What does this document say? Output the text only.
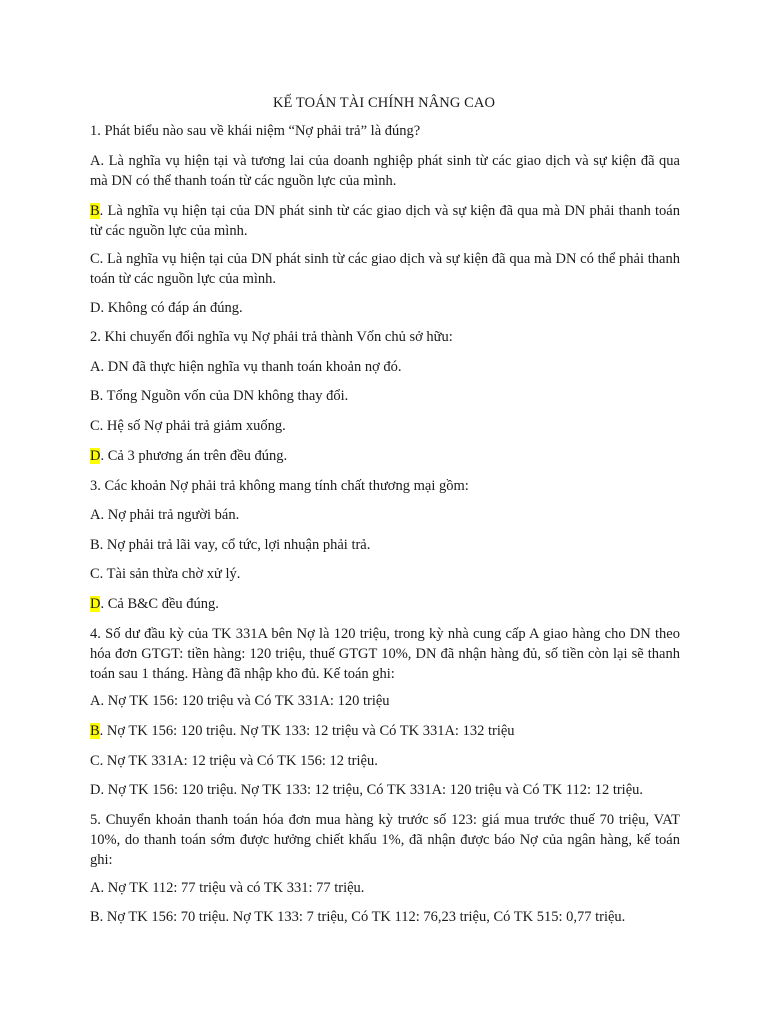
KẾ TOÁN TÀI CHÍNH NÂNG CAO
1. Phát biểu nào sau về khái niệm “Nợ phải trả” là đúng?
A. Là nghĩa vụ hiện tại và tương lai của doanh nghiệp phát sinh từ các giao dịch và sự kiện đã qua mà DN có thể thanh toán từ các nguồn lực của mình.
B. Là nghĩa vụ hiện tại của DN phát sinh từ các giao dịch và sự kiện đã qua mà DN phải thanh toán từ các nguồn lực của mình.
C. Là nghĩa vụ hiện tại của DN phát sinh từ các giao dịch và sự kiện đã qua mà DN có thể phải thanh toán từ các nguồn lực của mình.
D. Không có đáp án đúng.
2. Khi chuyển đổi nghĩa vụ Nợ phải trả thành Vốn chủ sở hữu:
A. DN đã thực hiện nghĩa vụ thanh toán khoản nợ đó.
B. Tổng Nguồn vốn của DN không thay đổi.
C. Hệ số Nợ phải trả giảm xuống.
D. Cả 3 phương án trên đều đúng.
3. Các khoản Nợ phải trả không mang tính chất thương mại gồm:
A. Nợ phải trả người bán.
B. Nợ phải trả lãi vay, cổ tức, lợi nhuận phải trả.
C. Tài sản thừa chờ xử lý.
D. Cả B&C đều đúng.
4. Số dư đầu kỳ của TK 331A bên Nợ là 120 triệu, trong kỳ nhà cung cấp A giao hàng cho DN theo hóa đơn GTGT: tiền hàng: 120 triệu, thuế GTGT 10%, DN đã nhận hàng đủ, số tiền còn lại sẽ thanh toán sau 1 tháng. Hàng đã nhập kho đủ. Kế toán ghi:
A. Nợ TK 156: 120 triệu và Có TK 331A: 120 triệu
B. Nợ TK 156: 120 triệu. Nợ TK 133: 12 triệu và Có TK 331A: 132 triệu
C. Nợ TK 331A: 12 triệu và Có TK 156: 12 triệu.
D. Nợ TK 156: 120 triệu. Nợ TK 133: 12 triệu, Có TK 331A: 120 triệu và Có TK 112: 12 triệu.
5. Chuyển khoản thanh toán hóa đơn mua hàng kỳ trước số 123: giá mua trước thuế 70 triệu, VAT 10%, do thanh toán sớm được hưởng chiết khấu 1%, đã nhận được báo Nợ của ngân hàng, kế toán ghi:
A. Nợ TK 112: 77 triệu và có TK 331: 77 triệu.
B. Nợ TK 156: 70 triệu. Nợ TK 133: 7 triệu, Có TK 112: 76,23 triệu, Có TK 515: 0,77 triệu.
